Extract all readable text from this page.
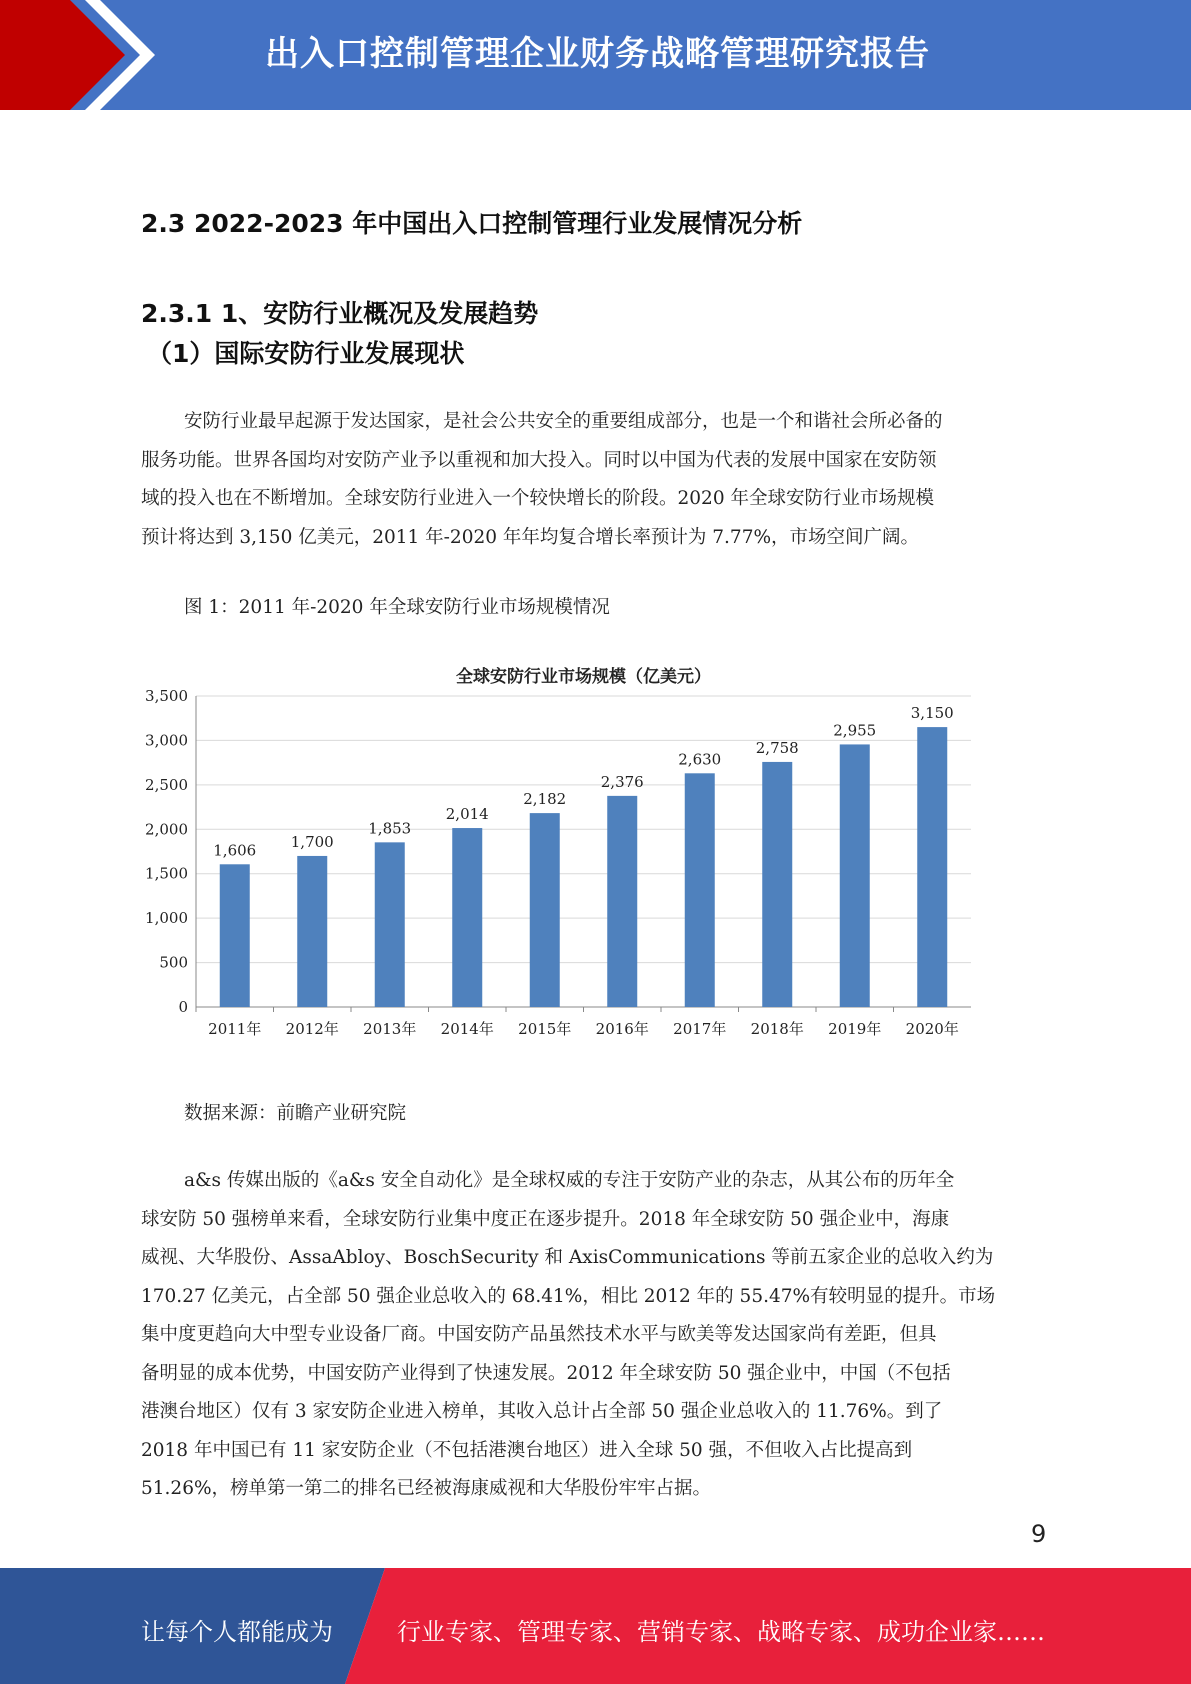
出入口控制管理企业财务战略管理研究报告
2.3 2022-2023 年中国出入口控制管理行业发展情况分析
2.3.1 1、安防行业概况及发展趋势
（1）国际安防行业发展现状
安防行业最早起源于发达国家，是社会公共安全的重要组成部分，也是一个和谐社会所必备的
服务功能。世界各国均对安防产业予以重视和加大投入。同时以中国为代表的发展中国家在安防领
域的投入也在不断增加。全球安防行业进入一个较快增长的阶段。2020 年全球安防行业市场规模
预计将达到 3,150 亿美元，2011 年-2020 年年均复合增长率预计为 7.77%，市场空间广阔。
图 1：2011 年-2020 年全球安防行业市场规模情况
全球安防行业市场规模（亿美元）
0
500
1,000
1,500
2,000
2,500
3,000
3,500
1,606
2011年
1,700
2012年
1,853
2013年
2,014
2014年
2,182
2015年
2,376
2016年
2,630
2017年
2,758
2018年
2,955
2019年
3,150
2020年
数据来源：前瞻产业研究院
a&s 传媒出版的《a&s 安全自动化》是全球权威的专注于安防产业的杂志，从其公布的历年全
球安防 50 强榜单来看，全球安防行业集中度正在逐步提升。2018 年全球安防 50 强企业中，海康
威视、大华股份、AssaAbloy、BoschSecurity 和 AxisCommunications 等前五家企业的总收入约为
170.27 亿美元，占全部 50 强企业总收入的 68.41%，相比 2012 年的 55.47%有较明显的提升。市场
集中度更趋向大中型专业设备厂商。中国安防产品虽然技术水平与欧美等发达国家尚有差距，但具
备明显的成本优势，中国安防产业得到了快速发展。2012 年全球安防 50 强企业中，中国（不包括
港澳台地区）仅有 3 家安防企业进入榜单，其收入总计占全部 50 强企业总收入的 11.76%。到了
2018 年中国已有 11 家安防企业（不包括港澳台地区）进入全球 50 强，不但收入占比提高到
51.26%，榜单第一第二的排名已经被海康威视和大华股份牢牢占据。
9
让每个人都能成为	行业专家、管理专家、营销专家、战略专家、成功企业家……
